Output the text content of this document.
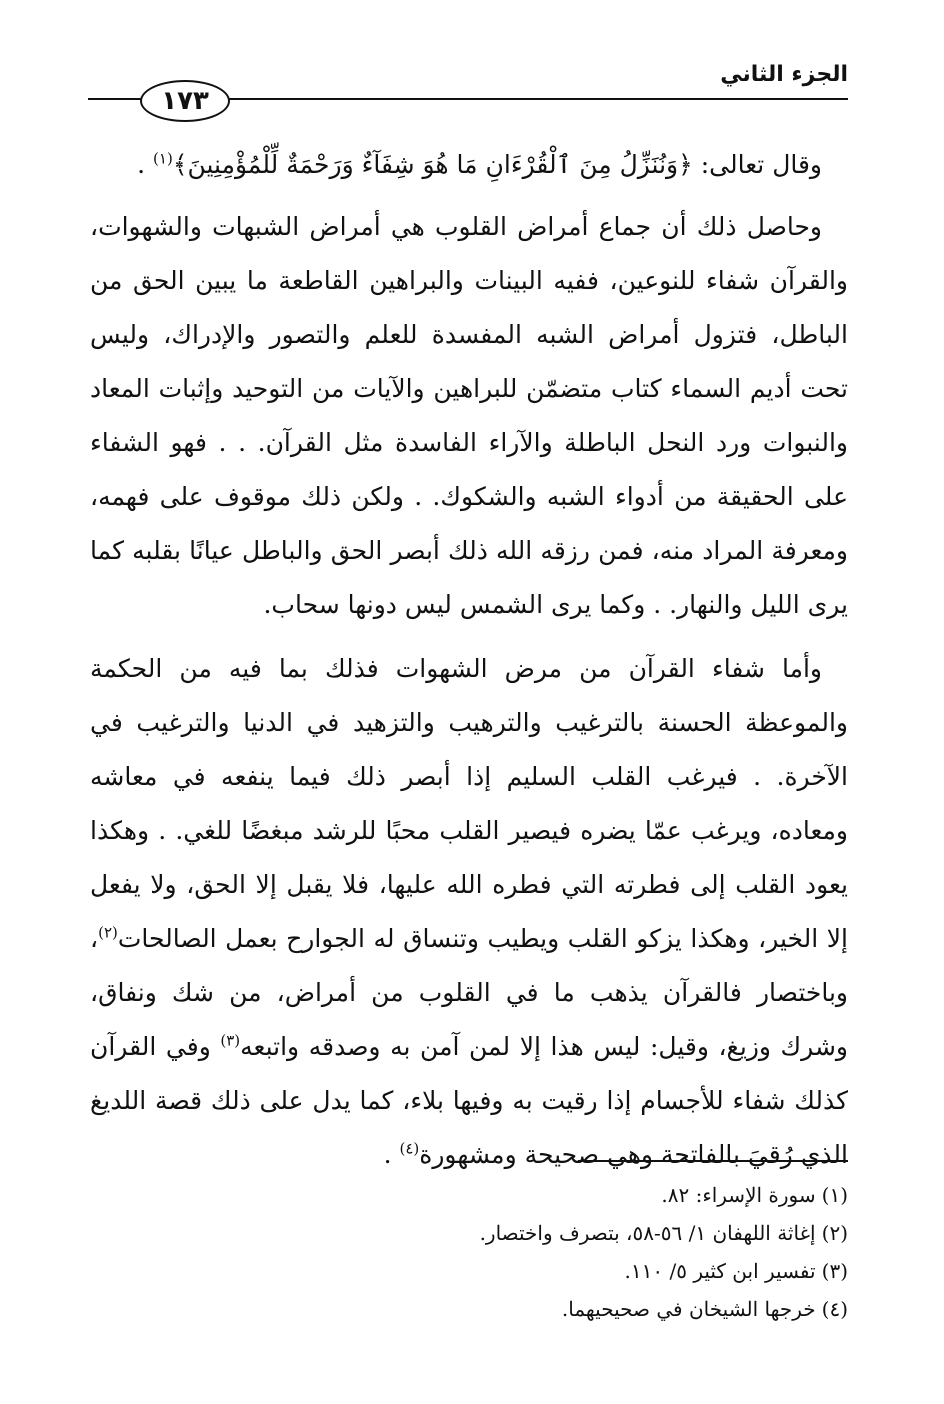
الجزء الثاني
١٧٣

وقال تعالى: ﴿وَنُنَزِّلُ مِنَ ٱلْقُرْءَانِ مَا هُوَ شِفَآءٌ وَرَحْمَةٌ لِّلْمُؤْمِنِينَ﴾$^{(١)}$ .

وحاصل ذلك أن جماع أمراض القلوب هي أمراض الشبهات والشهوات، والقرآن شفاء للنوعين، ففيه البينات والبراهين القاطعة ما يبين الحق من الباطل، فتزول أمراض الشبه المفسدة للعلم والتصور والإدراك، وليس تحت أديم السماء كتاب متضمّن للبراهين والآيات من التوحيد وإثبات المعاد والنبوات ورد النحل الباطلة والآراء الفاسدة مثل القرآن. . . فهو الشفاء على الحقيقة من أدواء الشبه والشكوك. . ولكن ذلك موقوف على فهمه، ومعرفة المراد منه، فمن رزقه الله ذلك أبصر الحق والباطل عيانًا بقلبه كما يرى الليل والنهار. . وكما يرى الشمس ليس دونها سحاب.

وأما شفاء القرآن من مرض الشهوات فذلك بما فيه من الحكمة والموعظة الحسنة بالترغيب والترهيب والتزهيد في الدنيا والترغيب في الآخرة. . فيرغب القلب السليم إذا أبصر ذلك فيما ينفعه في معاشه ومعاده، ويرغب عمّا يضره فيصير القلب محبًا للرشد مبغضًا للغي. . وهكذا يعود القلب إلى فطرته التي فطره الله عليها، فلا يقبل إلا الحق، ولا يفعل إلا الخير، وهكذا يزكو القلب ويطيب وتنساق له الجوارح بعمل الصالحات$^{(٢)}$، وباختصار فالقرآن يذهب ما في القلوب من أمراض، من شك ونفاق، وشرك وزيغ، وقيل: ليس هذا إلا لمن آمن به وصدقه واتبعه$^{(٣)}$ وفي القرآن كذلك شفاء للأجسام إذا رقيت به وفيها بلاء، كما يدل على ذلك قصة اللديغ الذي رُقيَ بالفاتحة وهي صحيحة ومشهورة$^{(٤)}$ .

(١)سورة الإسراء: ٨٢.
(٢)إغاثة اللهفان ١/ ٥٦-٥٨، بتصرف واختصار.
(٣)تفسير ابن كثير ٥/ ١١٠.
(٤)خرجها الشيخان في صحيحيهما.
